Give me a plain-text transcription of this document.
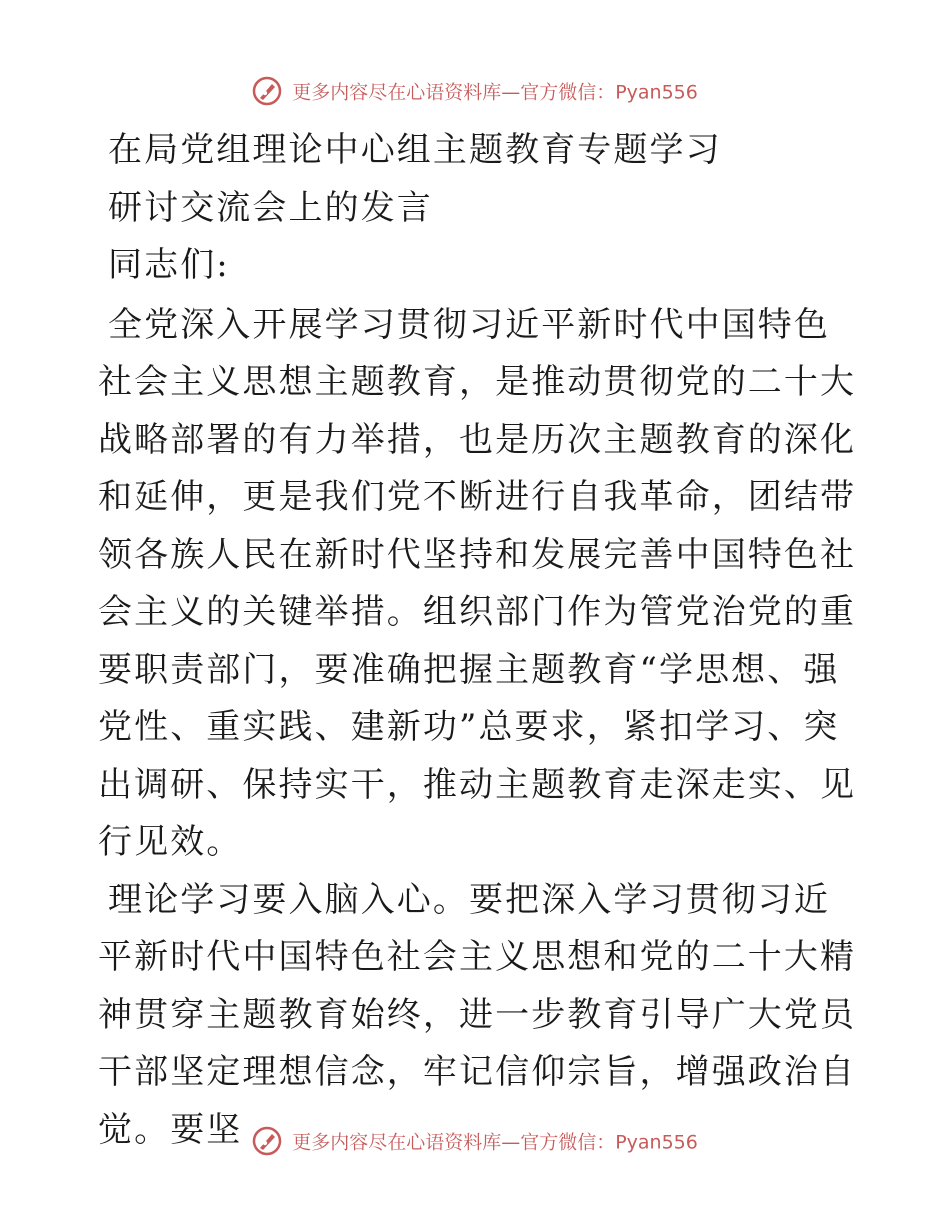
更多内容尽在心语资料库—官方微信：Pyan556

在局党组理论中心组主题教育专题学习

研讨交流会上的发言

同志们:

全党深入开展学习贯彻习近平新时代中国特色社会主义思想主题教育，是推动贯彻党的二十大战略部署的有力举措，也是历次主题教育的深化和延伸，更是我们党不断进行自我革命，团结带领各族人民在新时代坚持和发展完善中国特色社会主义的关键举措。组织部门作为管党治党的重要职责部门，要准确把握主题教育“学思想、强党性、重实践、建新功”总要求，紧扣学习、突出调研、保持实干，推动主题教育走深走实、见行见效。

理论学习要入脑入心。要把深入学习贯彻习近平新时代中国特色社会主义思想和党的二十大精神贯穿主题教育始终，进一步教育引导广大党员干部坚定理想信念，牢记信仰宗旨，增强政治自觉。要坚	更多内容尽在心语资料库—官方微信：Pyan556
